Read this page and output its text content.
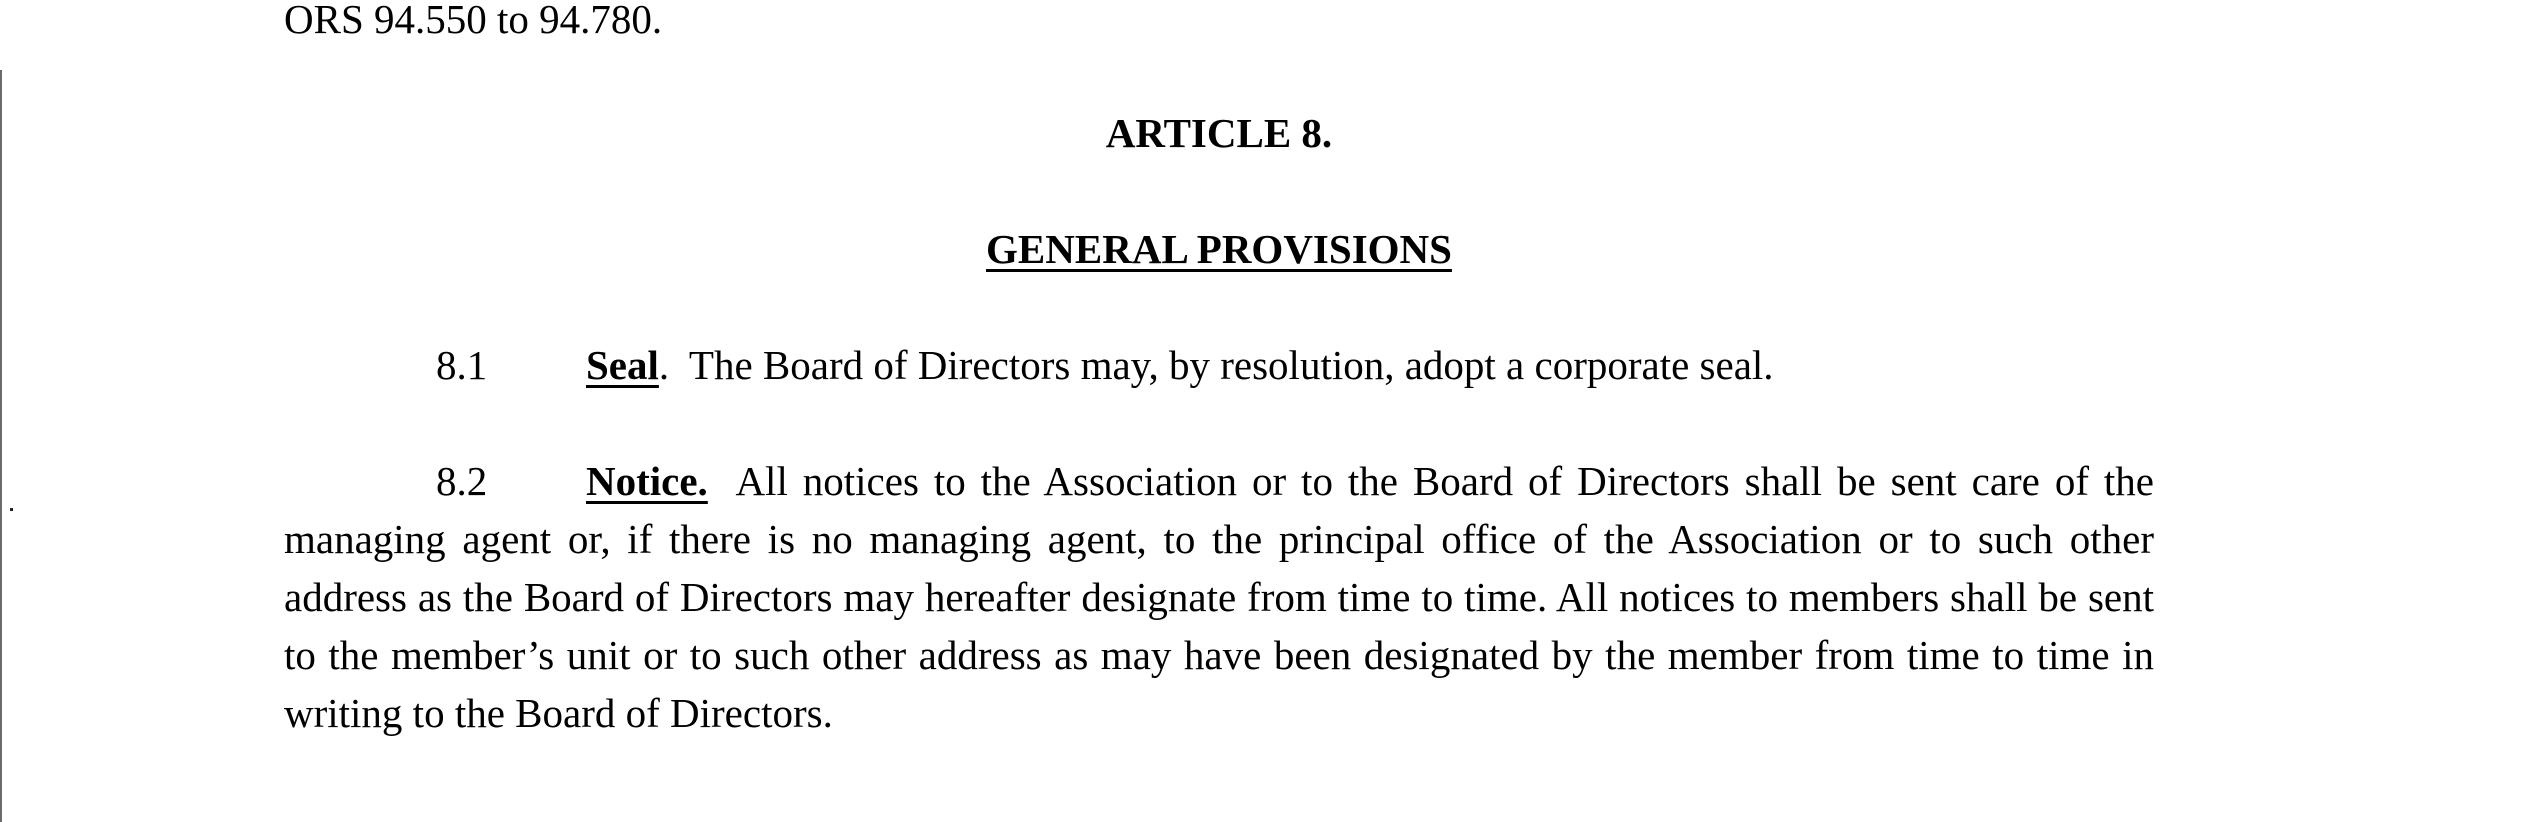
ORS 94.550 to 94.780.
ARTICLE 8.
GENERAL PROVISIONS
8.1 Seal. The Board of Directors may, by resolution, adopt a corporate seal.
8.2 Notice. All notices to the Association or to the Board of Directors shall be sent care of the managing agent or, if there is no managing agent, to the principal office of the Association or to such other address as the Board of Directors may hereafter designate from time to time. All notices to members shall be sent to the member’s unit or to such other address as may have been designated by the member from time to time in writing to the Board of Directors.
